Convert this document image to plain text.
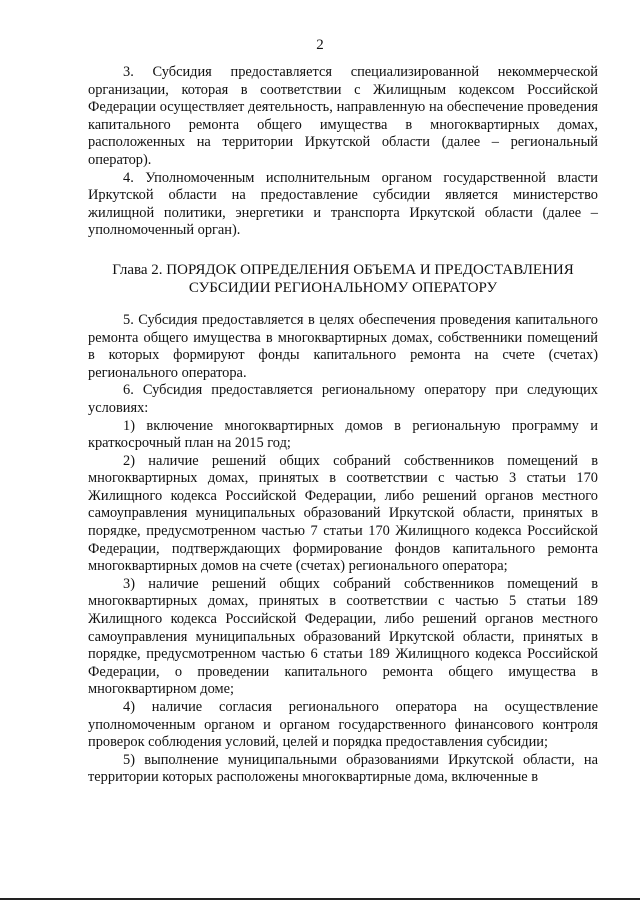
2

3. Субсидия предоставляется специализированной некоммерческой организации, которая в соответствии с Жилищным кодексом Российской Федерации осуществляет деятельность, направленную на обеспечение проведения капитального ремонта общего имущества в многоквартирных домах, расположенных на территории Иркутской области (далее – региональный оператор).

4. Уполномоченным исполнительным органом государственной власти Иркутской области на предоставление субсидии является министерство жилищной политики, энергетики и транспорта Иркутской области (далее – уполномоченный орган).

Глава 2. ПОРЯДОК ОПРЕДЕЛЕНИЯ ОБЪЕМА И ПРЕДОСТАВЛЕНИЯ
СУБСИДИИ РЕГИОНАЛЬНОМУ ОПЕРАТОРУ

5. Субсидия предоставляется в целях обеспечения проведения капитального ремонта общего имущества в многоквартирных домах, собственники помещений в которых формируют фонды капитального ремонта на счете (счетах) регионального оператора.

6. Субсидия предоставляется региональному оператору при следующих условиях:

1) включение многоквартирных домов в региональную программу и краткосрочный план на 2015 год;

2) наличие решений общих собраний собственников помещений в многоквартирных домах, принятых в соответствии с частью 3 статьи 170 Жилищного кодекса Российской Федерации, либо решений органов местного самоуправления муниципальных образований Иркутской области, принятых в порядке, предусмотренном частью 7 статьи 170 Жилищного кодекса Российской Федерации, подтверждающих формирование фондов капитального ремонта многоквартирных домов на счете (счетах) регионального оператора;

3) наличие решений общих собраний собственников помещений в многоквартирных домах, принятых в соответствии с частью 5 статьи 189 Жилищного кодекса Российской Федерации, либо решений органов местного самоуправления муниципальных образований Иркутской области, принятых в порядке, предусмотренном частью 6 статьи 189 Жилищного кодекса Российской Федерации, о проведении капитального ремонта общего имущества в многоквартирном доме;

4) наличие согласия регионального оператора на осуществление уполномоченным органом и органом государственного финансового контроля проверок соблюдения условий, целей и порядка предоставления субсидии;

5) выполнение муниципальными образованиями Иркутской области, на территории которых расположены многоквартирные дома, включенные в
